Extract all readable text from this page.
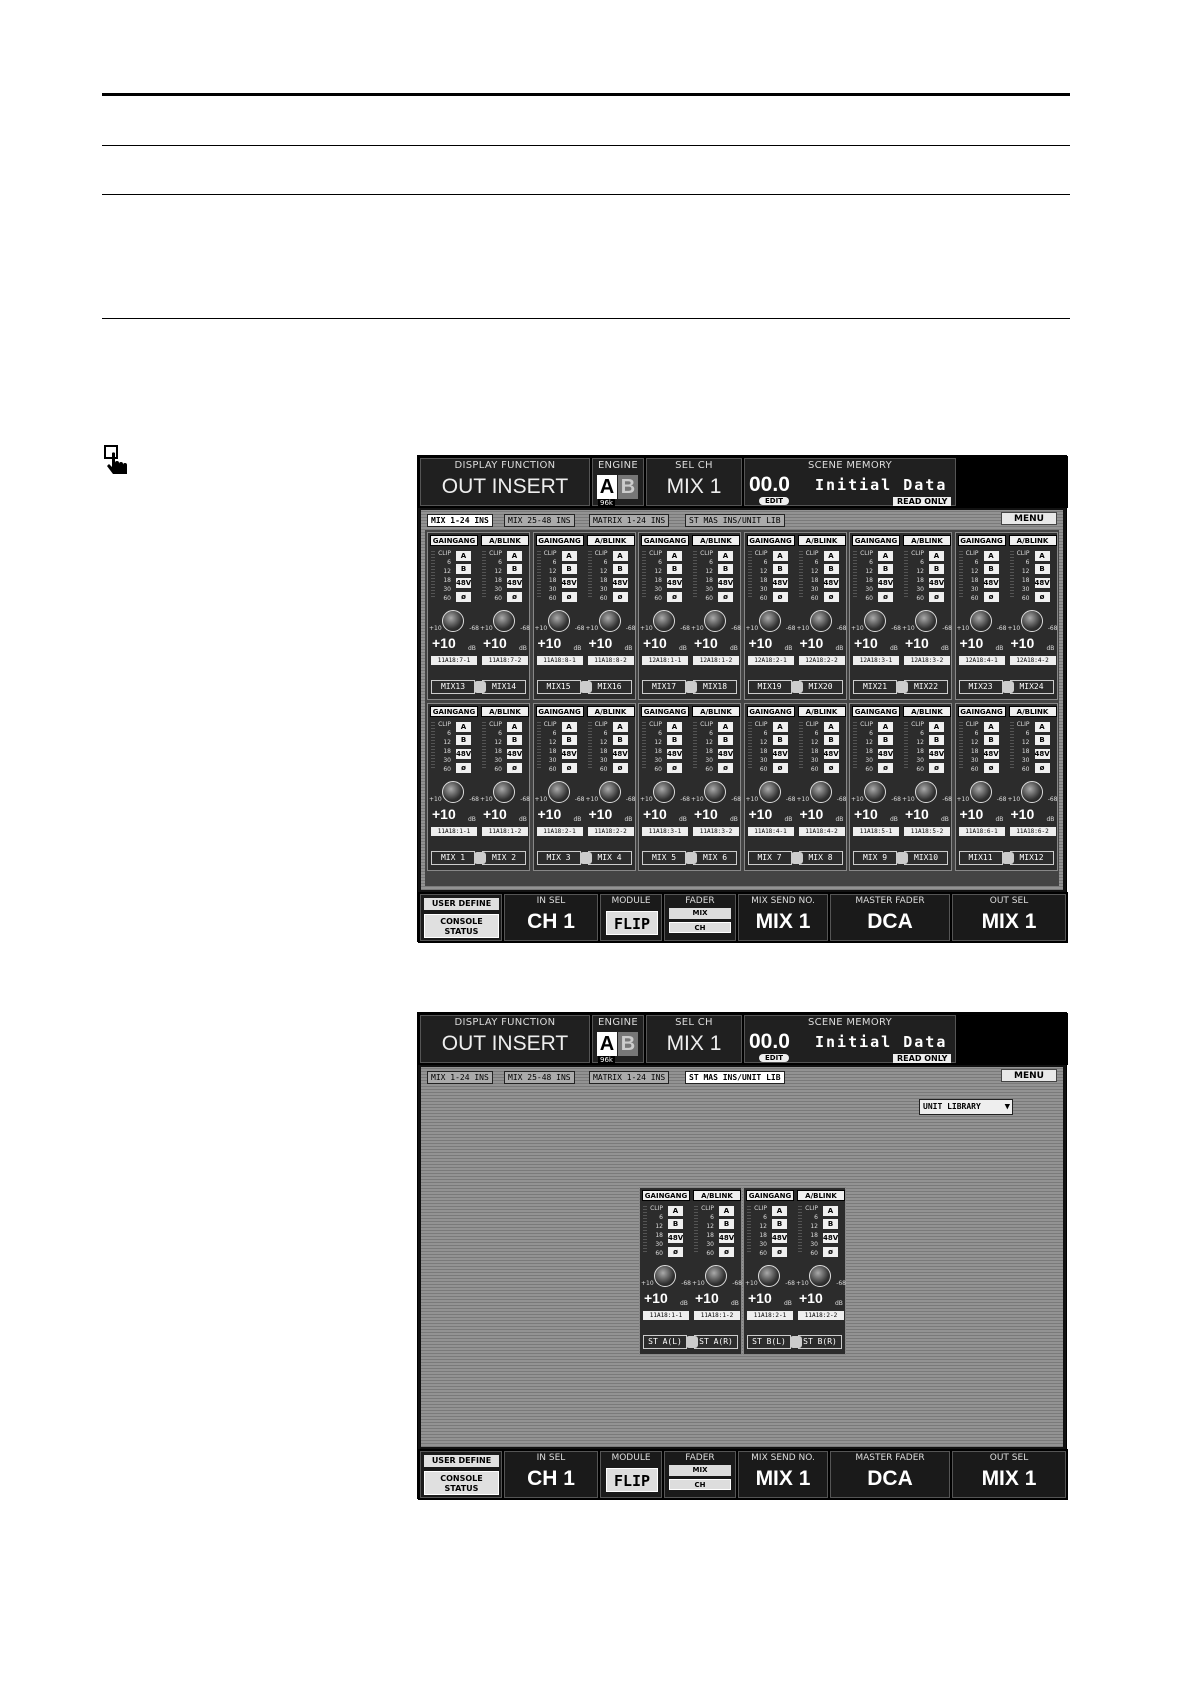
DISPLAY FUNCTION
OUT INSERT
ENGINE
A B
96k
SEL CH
MIX 1
SCENE MEMORY
00.0 Initial Data
EDIT	READ ONLY
MIX 1-24 INS	MIX 25-48 INS	MATRIX 1-24 INS	ST MAS INS/UNIT LIB	MENU
GAINGANG
CLIP
6
12
18
30
60
A
B
48V
ø
+10	-68
+10 dB
11A18:7-1
MIX13
A/BLINK
CLIP
6
12
18
30
60
A
B
48V
ø
+10	-68
+10 dB
11A18:7-2
MIX14
GAINGANG
CLIP
6
12
18
30
60
A
B
48V
ø
+10	-68
+10 dB
11A18:1-1
MIX 1
A/BLINK
CLIP
6
12
18
30
60
A
B
48V
ø
+10	-68
+10 dB
11A18:1-2
MIX 2
GAINGANG
CLIP
6
12
18
30
60
A
B
48V
ø
+10	-68
+10 dB
11A18:8-1
MIX15
A/BLINK
CLIP
6
12
18
30
60
A
B
48V
ø
+10	-68
+10 dB
11A18:8-2
MIX16
GAINGANG
CLIP
6
12
18
30
60
A
B
48V
ø
+10	-68
+10 dB
11A18:2-1
MIX 3
A/BLINK
CLIP
6
12
18
30
60
A
B
48V
ø
+10	-68
+10 dB
11A18:2-2
MIX 4
GAINGANG
CLIP
6
12
18
30
60
A
B
48V
ø
+10	-68
+10 dB
12A18:1-1
MIX17
A/BLINK
CLIP
6
12
18
30
60
A
B
48V
ø
+10	-68
+10 dB
12A18:1-2
MIX18
GAINGANG
CLIP
6
12
18
30
60
A
B
48V
ø
+10	-68
+10 dB
11A18:3-1
MIX 5
A/BLINK
CLIP
6
12
18
30
60
A
B
48V
ø
+10	-68
+10 dB
11A18:3-2
MIX 6
GAINGANG
CLIP
6
12
18
30
60
A
B
48V
ø
+10	-68
+10 dB
12A18:2-1
MIX19
A/BLINK
CLIP
6
12
18
30
60
A
B
48V
ø
+10	-68
+10 dB
12A18:2-2
MIX20
GAINGANG
CLIP
6
12
18
30
60
A
B
48V
ø
+10	-68
+10 dB
11A18:4-1
MIX 7
A/BLINK
CLIP
6
12
18
30
60
A
B
48V
ø
+10	-68
+10 dB
11A18:4-2
MIX 8
GAINGANG
CLIP
6
12
18
30
60
A
B
48V
ø
+10	-68
+10 dB
12A18:3-1
MIX21
A/BLINK
CLIP
6
12
18
30
60
A
B
48V
ø
+10	-68
+10 dB
12A18:3-2
MIX22
GAINGANG
CLIP
6
12
18
30
60
A
B
48V
ø
+10	-68
+10 dB
11A18:5-1
MIX 9
A/BLINK
CLIP
6
12
18
30
60
A
B
48V
ø
+10	-68
+10 dB
11A18:5-2
MIX10
GAINGANG
CLIP
6
12
18
30
60
A
B
48V
ø
+10	-68
+10 dB
12A18:4-1
MIX23
A/BLINK
CLIP
6
12
18
30
60
A
B
48V
ø
+10	-68
+10 dB
12A18:4-2
MIX24
GAINGANG
CLIP
6
12
18
30
60
A
B
48V
ø
+10	-68
+10 dB
11A18:6-1
MIX11
A/BLINK
CLIP
6
12
18
30
60
A
B
48V
ø
+10	-68
+10 dB
11A18:6-2
MIX12
USER DEFINE
CONSOLE STATUS
IN SEL
CH 1
MODULE
FLIP
FADER
MIX
CH
MIX SEND NO.
MIX 1
MASTER FADER
DCA
OUT SEL
MIX 1
DISPLAY FUNCTION
OUT INSERT
ENGINE
A B
96k
SEL CH
MIX 1
SCENE MEMORY
00.0 Initial Data
EDIT	READ ONLY
MIX 1-24 INS	MIX 25-48 INS	MATRIX 1-24 INS	ST MAS INS/UNIT LIB	MENU
UNIT LIBRARY	▼
GAINGANG
CLIP
6
12
18
30
60
A
B
48V
ø
+10	-68
+10 dB
11A18:1-1
ST A(L)
A/BLINK
CLIP
6
12
18
30
60
A
B
48V
ø
+10	-68
+10 dB
11A18:1-2
ST A(R)
GAINGANG
CLIP
6
12
18
30
60
A
B
48V
ø
+10	-68
+10 dB
11A18:2-1
ST B(L)
A/BLINK
CLIP
6
12
18
30
60
A
B
48V
ø
+10	-68
+10 dB
11A18:2-2
ST B(R)
USER DEFINE
CONSOLE STATUS
IN SEL
CH 1
MODULE
FLIP
FADER
MIX
CH
MIX SEND NO.
MIX 1
MASTER FADER
DCA
OUT SEL
MIX 1
